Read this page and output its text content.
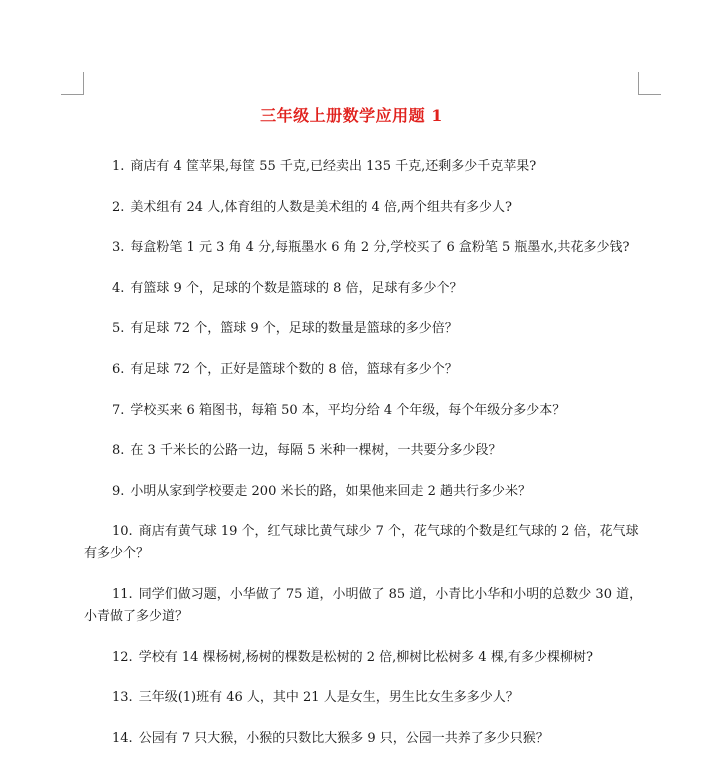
三年级上册数学应用题 1
1. 商店有 4 筐苹果,每筐 55 千克,已经卖出 135 千克,还剩多少千克苹果?
2. 美术组有 24 人,体育组的人数是美术组的 4 倍,两个组共有多少人?
3. 每盒粉笔 1 元 3 角 4 分,每瓶墨水 6 角 2 分,学校买了 6 盒粉笔 5 瓶墨水,共花多少钱?
4. 有篮球 9 个，足球的个数是篮球的 8 倍，足球有多少个？
5. 有足球 72 个，篮球 9 个，足球的数量是篮球的多少倍？
6. 有足球 72 个，正好是篮球个数的 8 倍，篮球有多少个？
7. 学校买来 6 箱图书，每箱 50 本，平均分给 4 个年级，每个年级分多少本？
8. 在 3 千米长的公路一边，每隔 5 米种一棵树，一共要分多少段？
9. 小明从家到学校要走 200 米长的路，如果他来回走 2 趟共行多少米？
10. 商店有黄气球 19 个，红气球比黄气球少 7 个，花气球的个数是红气球的 2 倍，花气球有多少个？
11. 同学们做习题，小华做了 75 道，小明做了 85 道，小青比小华和小明的总数少 30 道，小青做了多少道？
12. 学校有 14 棵杨树,杨树的棵数是松树的 2 倍,柳树比松树多 4 棵,有多少棵柳树?
13. 三年级(1)班有 46 人，其中 21 人是女生，男生比女生多多少人？
14. 公园有 7 只大猴，小猴的只数比大猴多 9 只，公园一共养了多少只猴？
